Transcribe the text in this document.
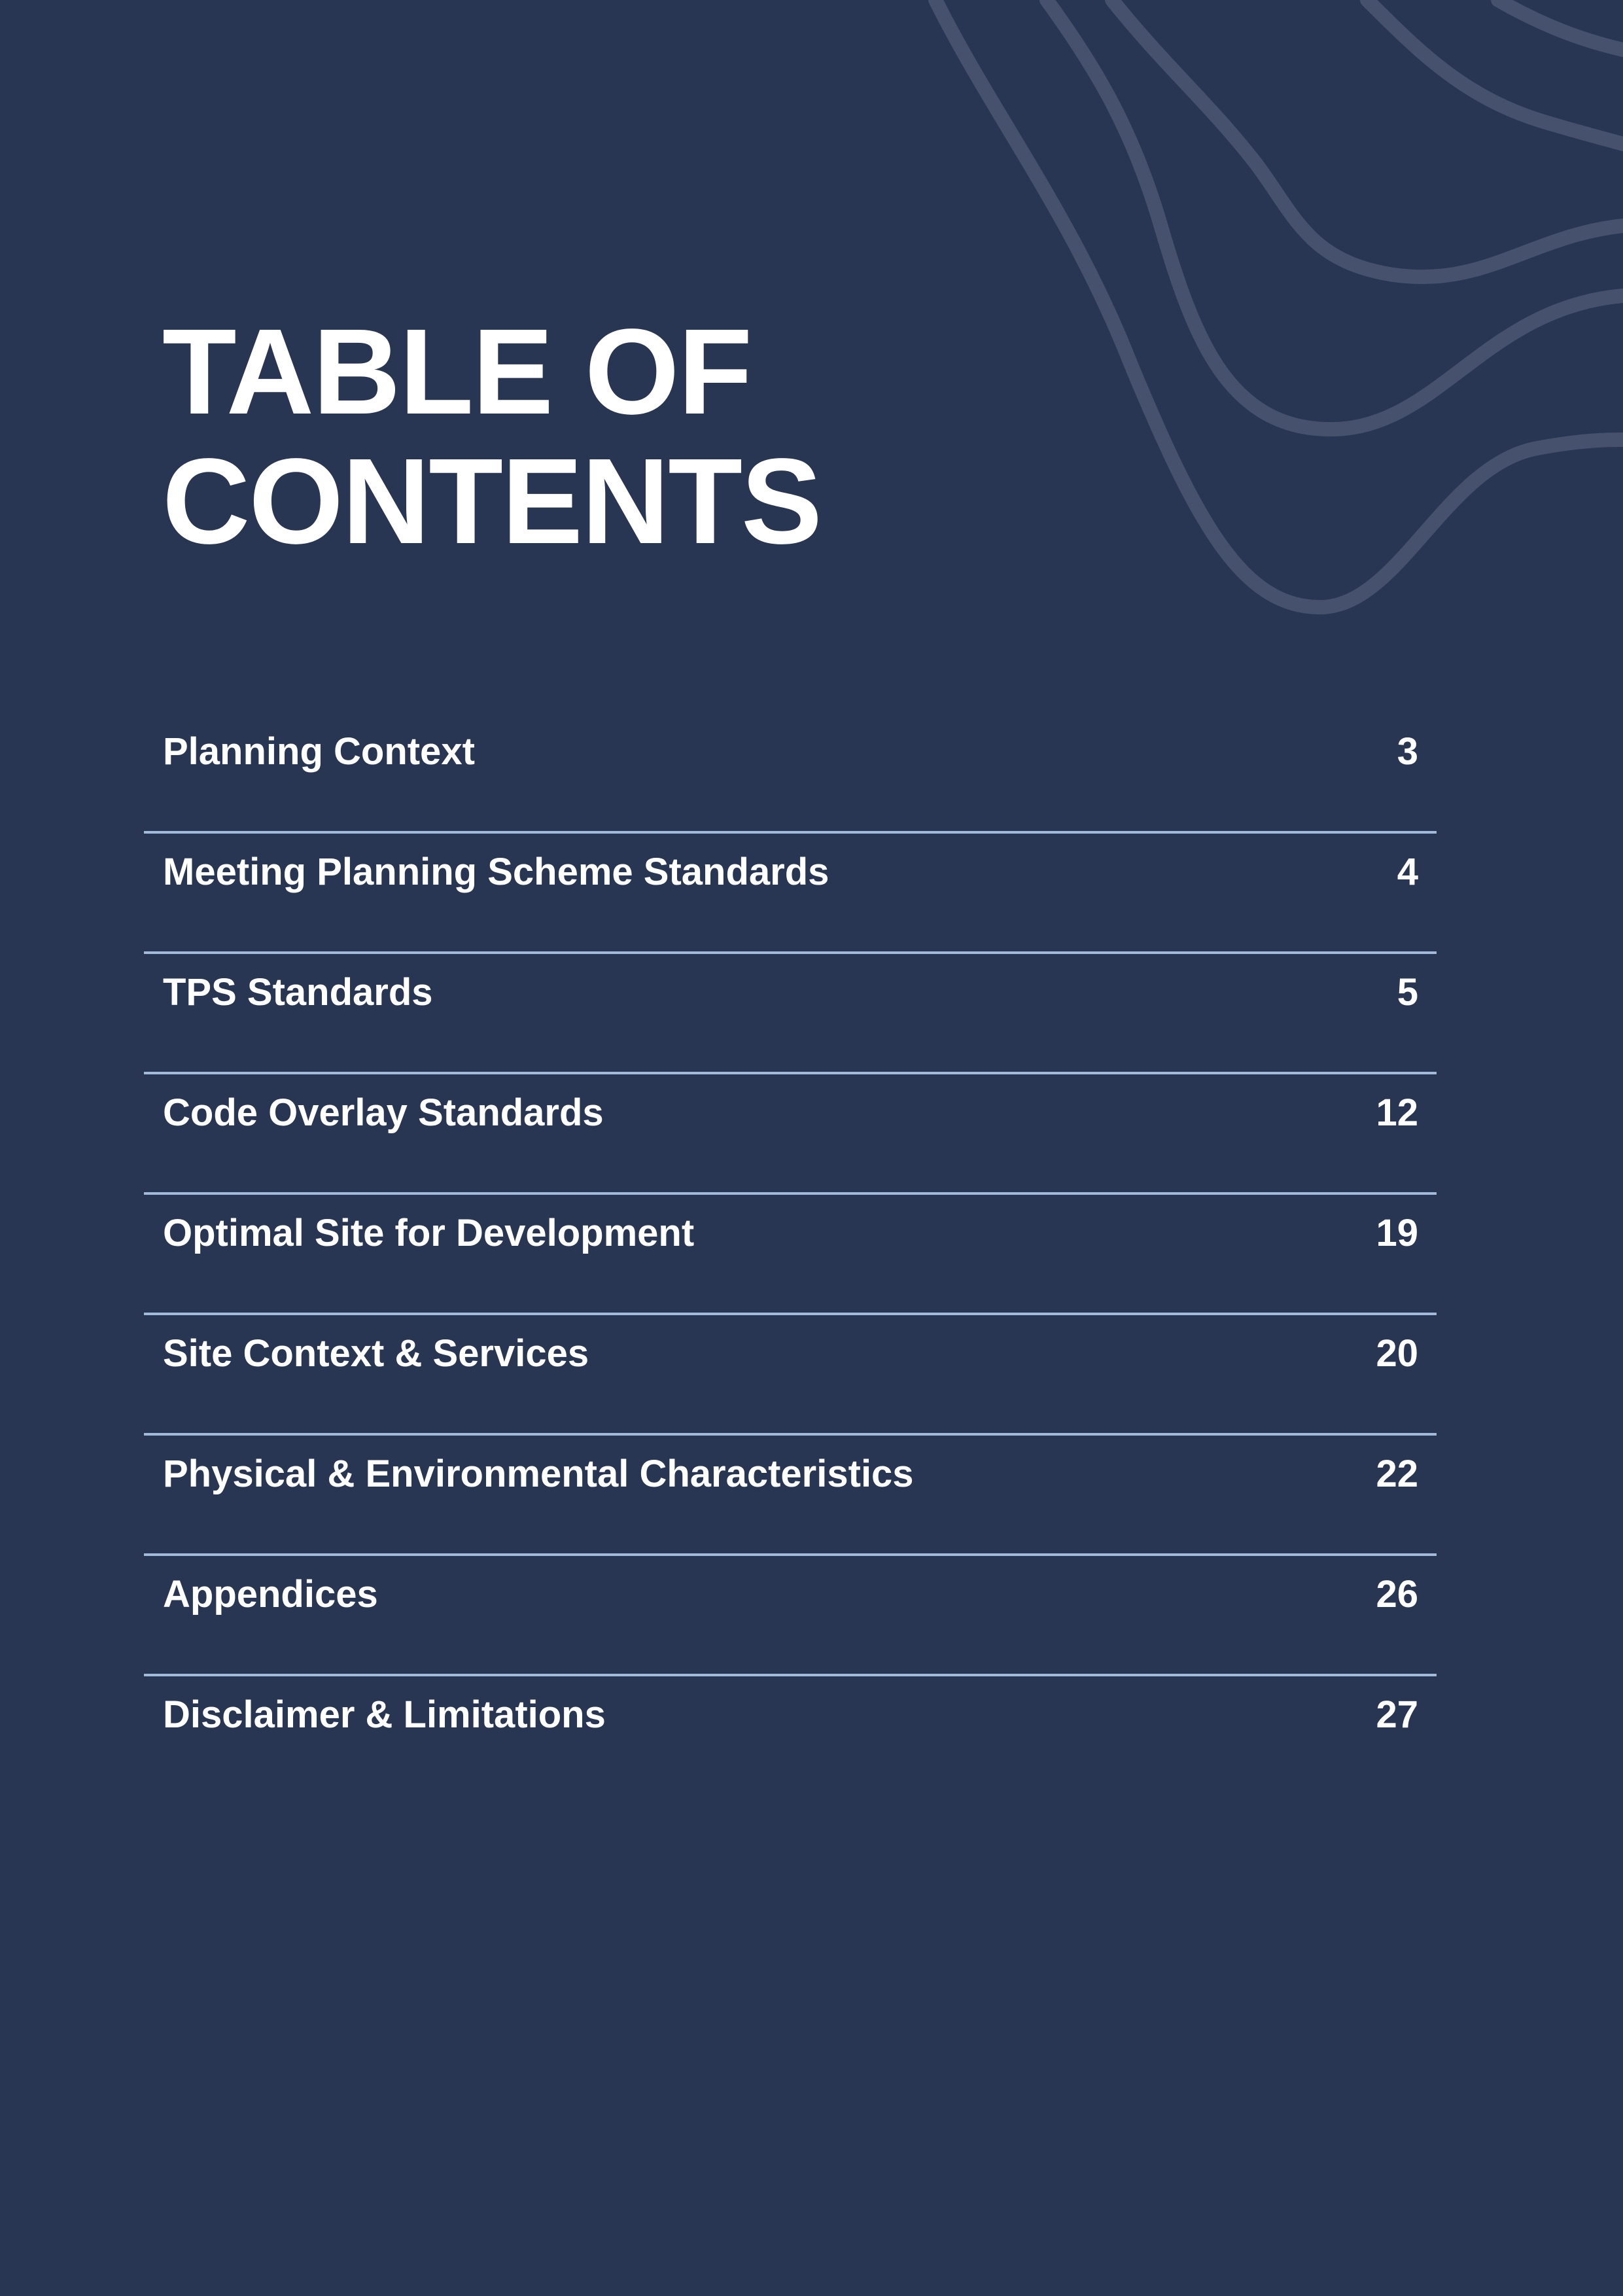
TABLE OF
CONTENTS
Planning Context	3
Meeting Planning Scheme Standards	4
TPS Standards	5
Code Overlay Standards	12
Optimal Site for Development	19
Site Context & Services	20
Physical & Environmental Characteristics	22
Appendices	26
Disclaimer & Limitations	27
